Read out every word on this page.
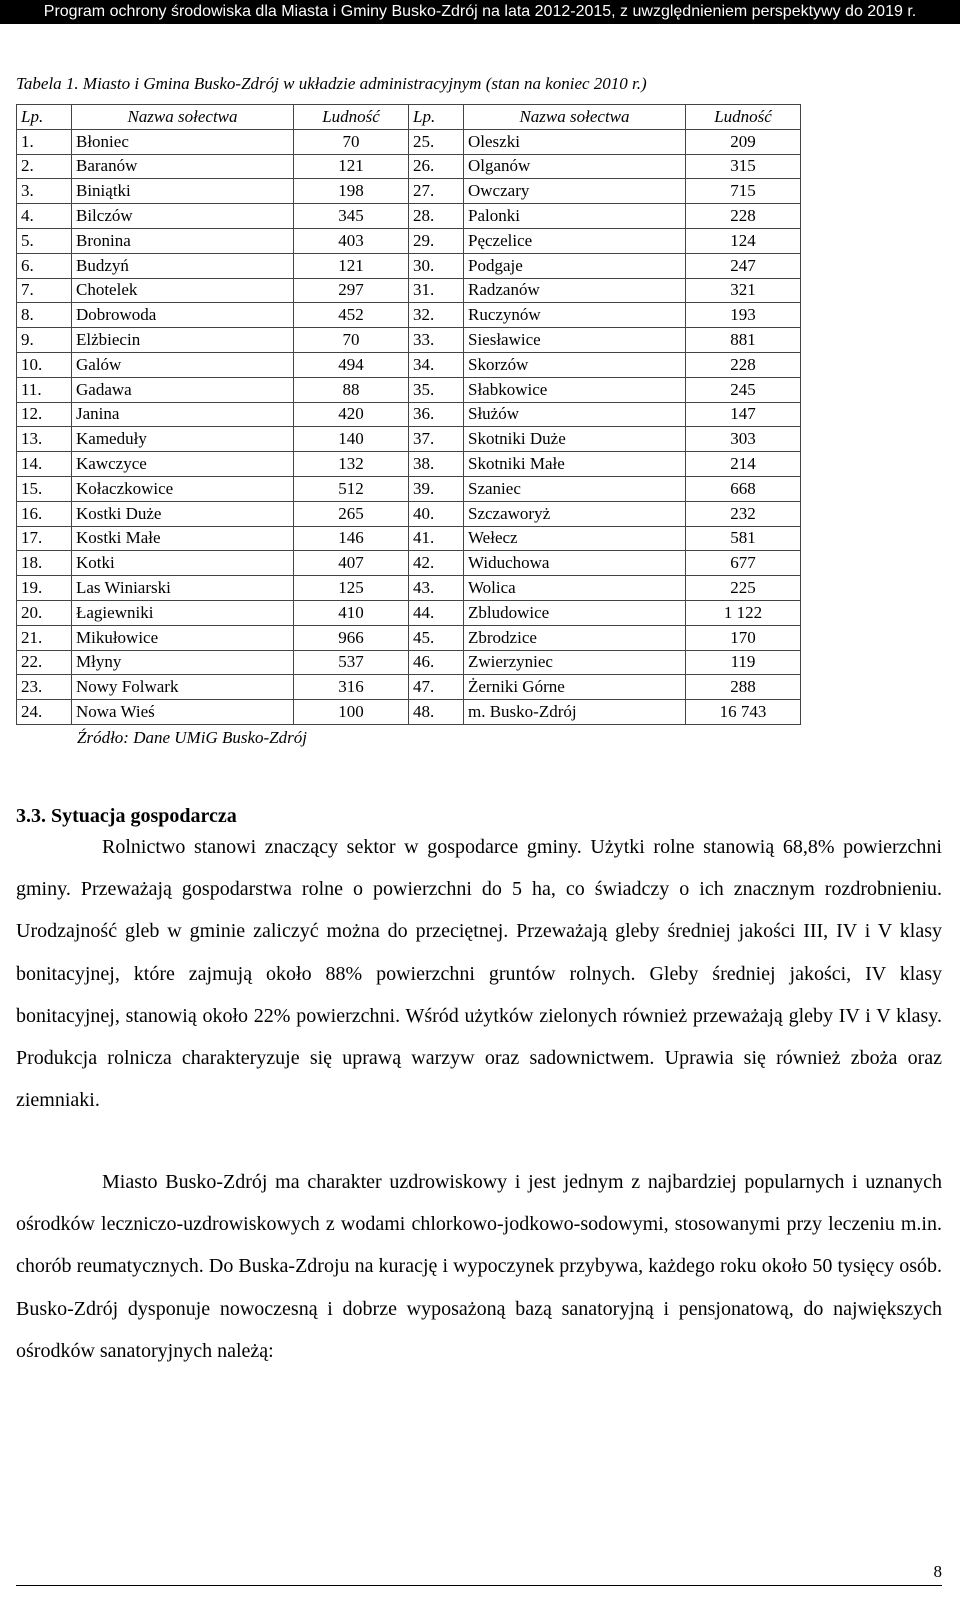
Program ochrony środowiska dla Miasta i Gminy Busko-Zdrój na lata 2012-2015, z uwzględnieniem perspektywy do 2019 r.
Tabela 1. Miasto i Gmina Busko-Zdrój w układzie administracyjnym (stan na koniec 2010 r.)
Lp.	Nazwa sołectwa	Ludność	Lp.	Nazwa sołectwa	Ludność
1.	Błoniec	70	25.	Oleszki	209
2.	Baranów	121	26.	Olganów	315
3.	Biniątki	198	27.	Owczary	715
4.	Bilczów	345	28.	Palonki	228
5.	Bronina	403	29.	Pęczelice	124
6.	Budzyń	121	30.	Podgaje	247
7.	Chotelek	297	31.	Radzanów	321
8.	Dobrowoda	452	32.	Ruczynów	193
9.	Elżbiecin	70	33.	Siesławice	881
10.	Galów	494	34.	Skorzów	228
11.	Gadawa	88	35.	Słabkowice	245
12.	Janina	420	36.	Służów	147
13.	Kameduły	140	37.	Skotniki Duże	303
14.	Kawczyce	132	38.	Skotniki Małe	214
15.	Kołaczkowice	512	39.	Szaniec	668
16.	Kostki Duże	265	40.	Szczaworyż	232
17.	Kostki Małe	146	41.	Wełecz	581
18.	Kotki	407	42.	Widuchowa	677
19.	Las Winiarski	125	43.	Wolica	225
20.	Łagiewniki	410	44.	Zbludowice	1 122
21.	Mikułowice	966	45.	Zbrodzice	170
22.	Młyny	537	46.	Zwierzyniec	119
23.	Nowy Folwark	316	47.	Żerniki Górne	288
24.	Nowa Wieś	100	48.	m. Busko-Zdrój	16 743
Źródło: Dane UMiG Busko-Zdrój
3.3. Sytuacja gospodarcza

Rolnictwo stanowi znaczący sektor w gospodarce gminy. Użytki rolne stanowią 68,8% powierzchni gminy. Przeważają gospodarstwa rolne o powierzchni do 5 ha, co świadczy o ich znacznym rozdrobnieniu. Urodzajność gleb w gminie zaliczyć można do przeciętnej. Przeważają gleby średniej jakości III, IV i V klasy bonitacyjnej, które zajmują około 88% powierzchni gruntów rolnych. Gleby średniej jakości, IV klasy bonitacyjnej, stanowią około 22% powierzchni. Wśród użytków zielonych również przeważają gleby IV i V klasy. Produkcja rolnicza charakteryzuje się uprawą warzyw oraz sadownictwem. Uprawia się również zboża oraz ziemniaki.

Miasto Busko-Zdrój ma charakter uzdrowiskowy i jest jednym z najbardziej popularnych i uznanych ośrodków leczniczo-uzdrowiskowych z wodami chlorkowo-jodkowo-sodowymi, stosowanymi przy leczeniu m.in. chorób reumatycznych. Do Buska-Zdroju na kurację i wypoczynek przybywa, każdego roku około 50 tysięcy osób. Busko-Zdrój dysponuje nowoczesną i dobrze wyposażoną bazą sanatoryjną i pensjonatową, do największych ośrodków sanatoryjnych należą:

8
